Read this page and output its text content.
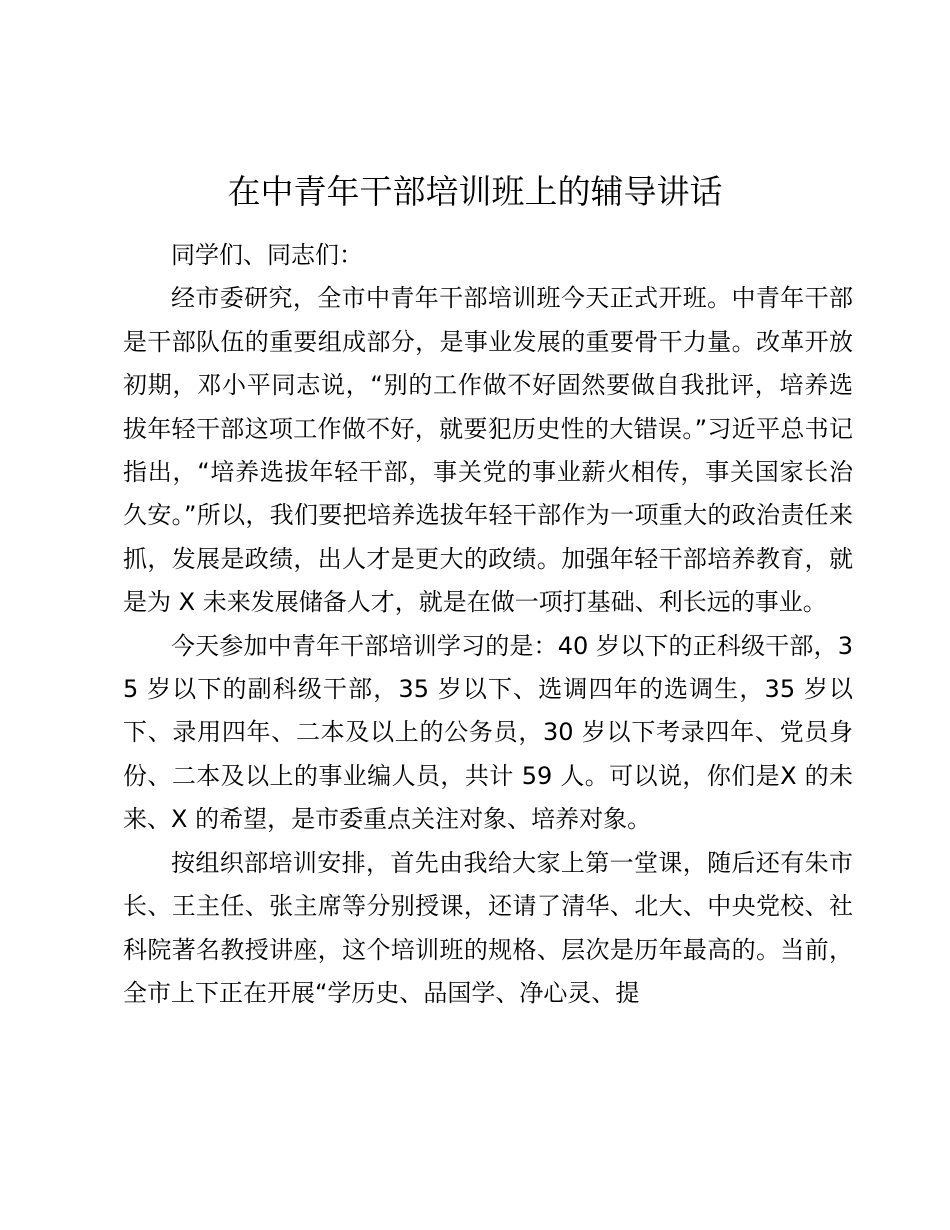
在中青年干部培训班上的辅导讲话

同学们、同志们：

经市委研究，全市中青年干部培训班今天正式开班。中青年干部是干部队伍的重要组成部分，是事业发展的重要骨干力量。改革开放初期，邓小平同志说，“别的工作做不好固然要做自我批评，培养选拔年轻干部这项工作做不好，就要犯历史性的大错误。”习近平总书记指出，“培养选拔年轻干部，事关党的事业薪火相传，事关国家长治久安。”所以，我们要把培养选拔年轻干部作为一项重大的政治责任来抓，发展是政绩，出人才是更大的政绩。加强年轻干部培养教育，就是为 X 未来发展储备人才，就是在做一项打基础、利长远的事业。

今天参加中青年干部培训学习的是：40 岁以下的正科级干部，35 岁以下的副科级干部，35 岁以下、选调四年的选调生，35 岁以下、录用四年、二本及以上的公务员，30 岁以下考录四年、党员身份、二本及以上的事业编人员，共计 59 人。可以说，你们是X 的未来、X 的希望，是市委重点关注对象、培养对象。

按组织部培训安排，首先由我给大家上第一堂课，随后还有朱市长、王主任、张主席等分别授课，还请了清华、北大、中央党校、社科院著名教授讲座，这个培训班的规格、层次是历年最高的。当前，全市上下正在开展“学历史、品国学、净心灵、提
